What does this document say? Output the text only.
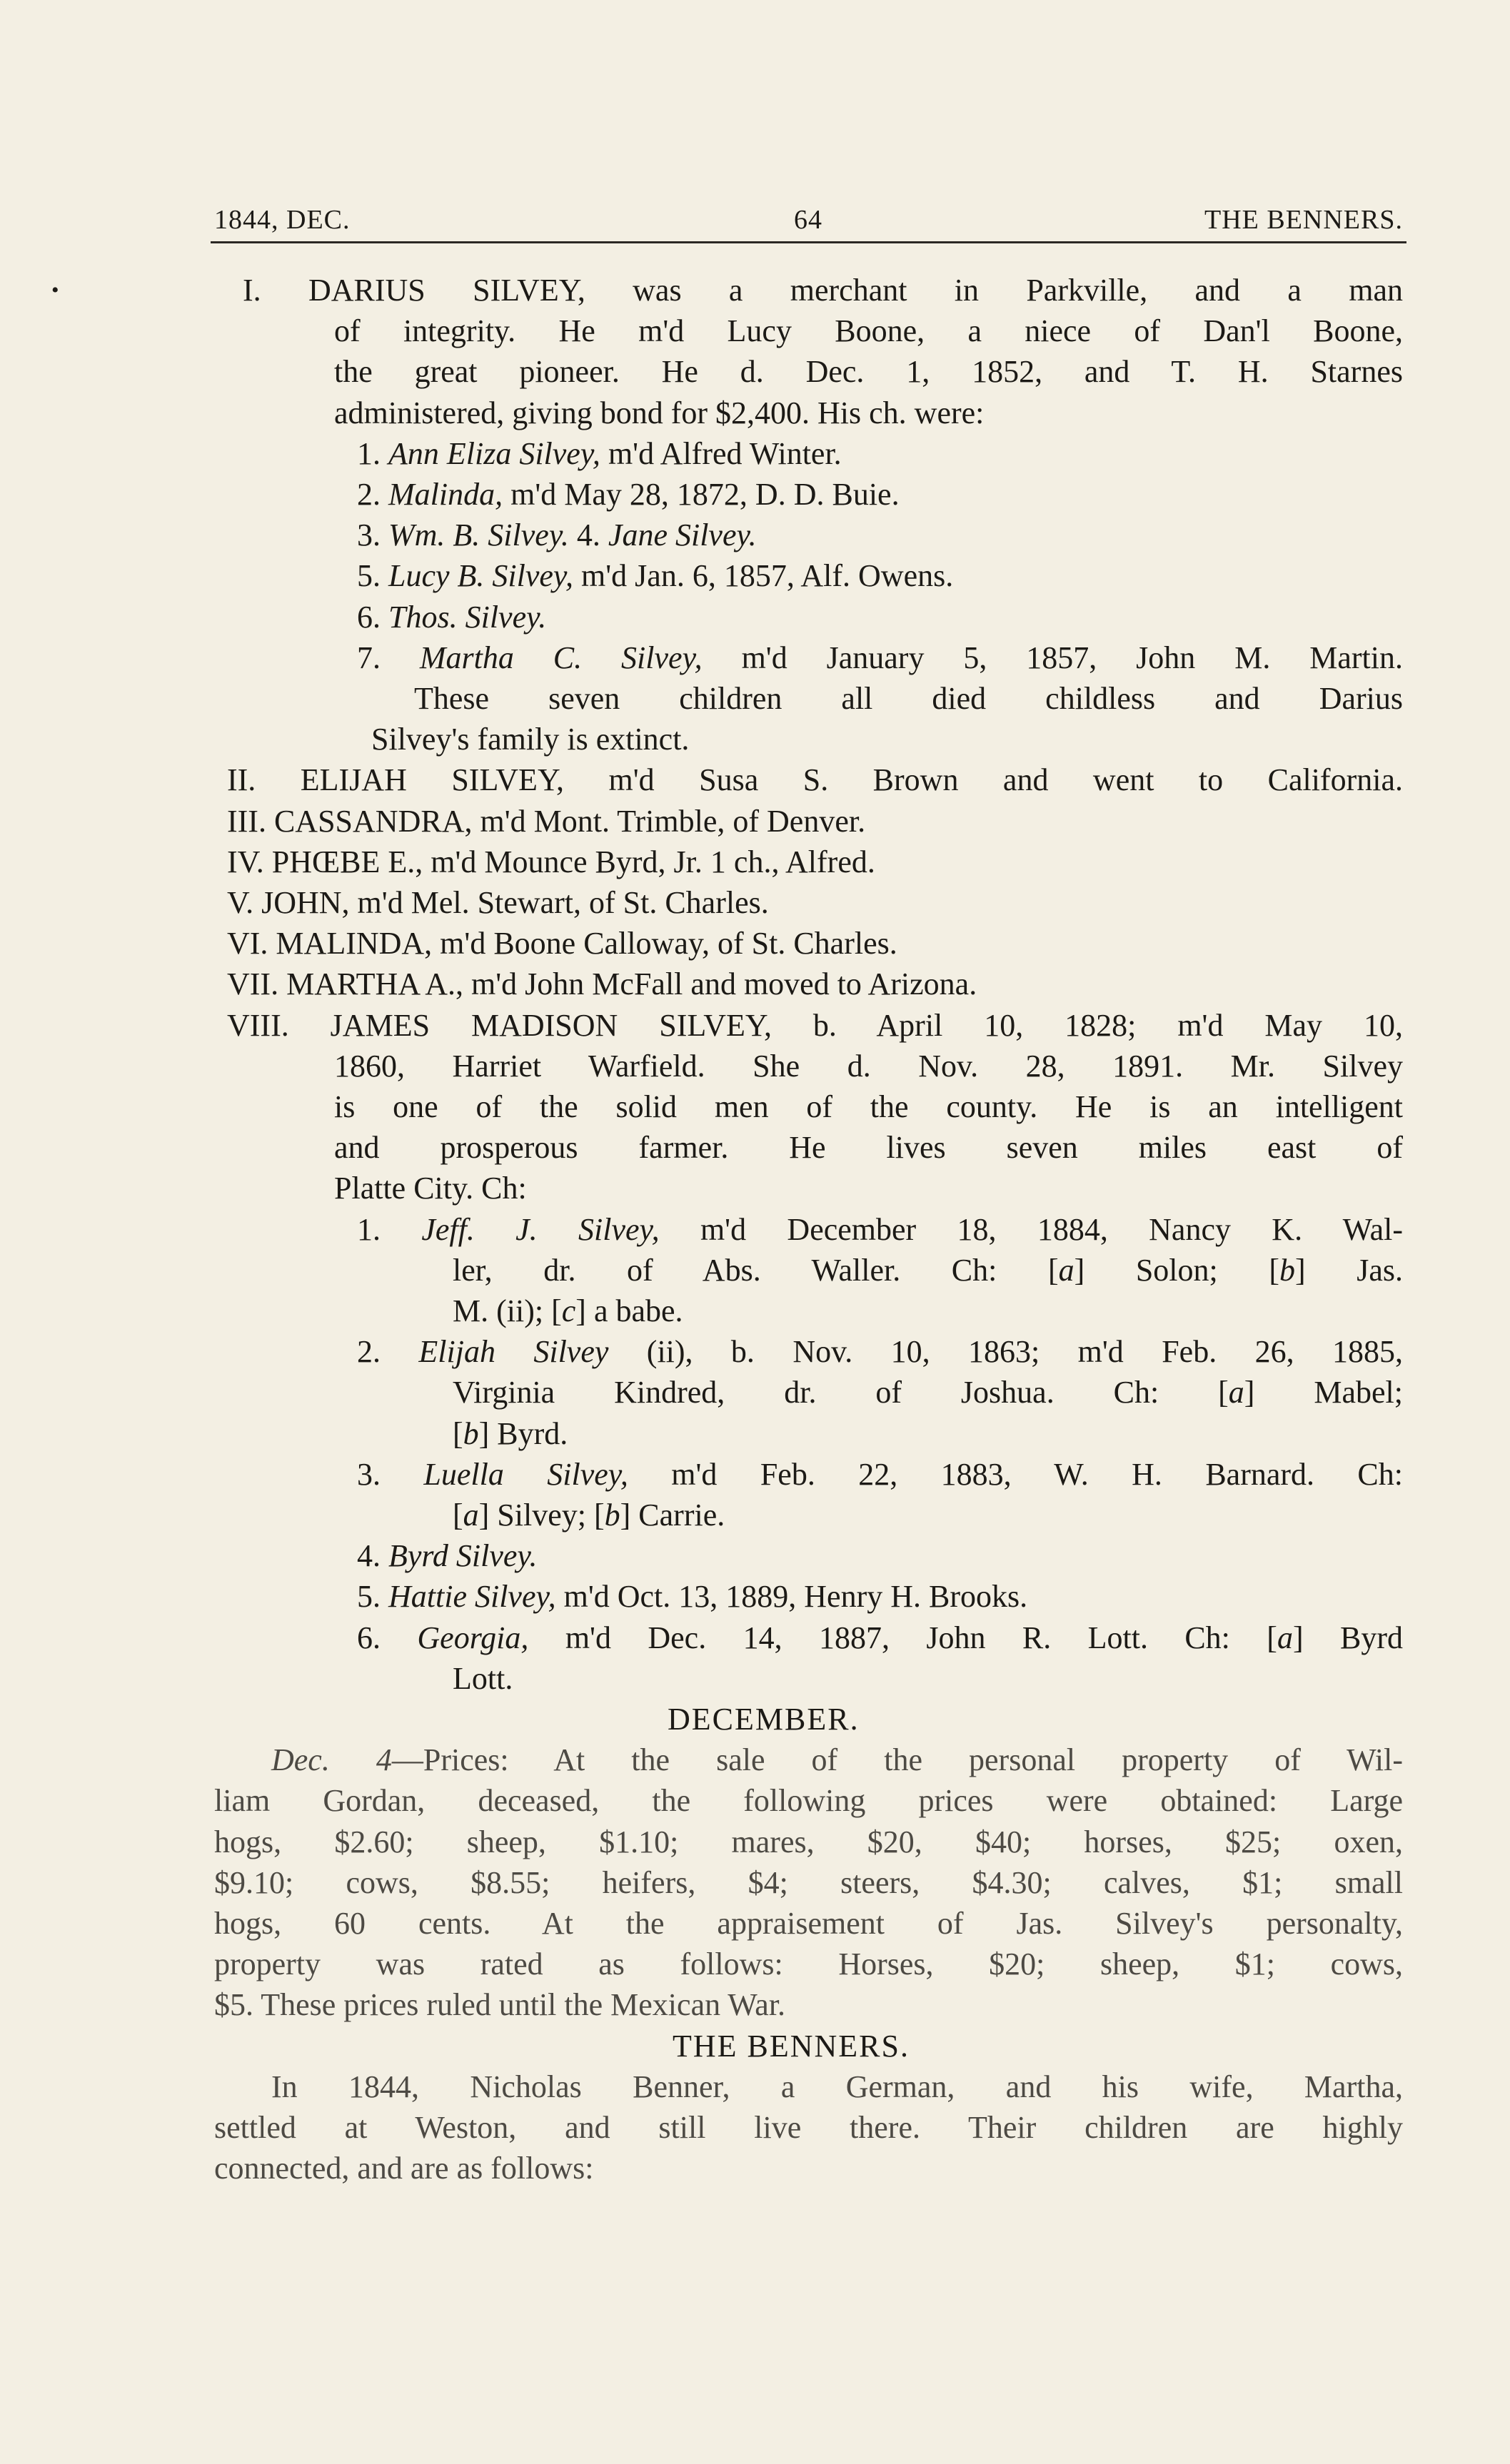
1844, DEC.	64	THE BENNERS.
•	I. DARIUS SILVEY, was a merchant in Parkville, and a man
of integrity. He m'd Lucy Boone, a niece of Dan'l Boone,
the great pioneer. He d. Dec. 1, 1852, and T. H. Starnes
administered, giving bond for $2,400. His ch. were:
1. Ann Eliza Silvey, m'd Alfred Winter.
2. Malinda, m'd May 28, 1872, D. D. Buie.
3. Wm. B. Silvey. 4. Jane Silvey.
5. Lucy B. Silvey, m'd Jan. 6, 1857, Alf. Owens.
6. Thos. Silvey.
7. Martha C. Silvey, m'd January 5, 1857, John M. Martin.
These seven children all died childless and Darius
Silvey's family is extinct.
II. ELIJAH SILVEY, m'd Susa S. Brown and went to California.
III. CASSANDRA, m'd Mont. Trimble, of Denver.
IV. PHŒBE E., m'd Mounce Byrd, Jr. 1 ch., Alfred.
V. JOHN, m'd Mel. Stewart, of St. Charles.
VI. MALINDA, m'd Boone Calloway, of St. Charles.
VII. MARTHA A., m'd John McFall and moved to Arizona.
VIII. JAMES MADISON SILVEY, b. April 10, 1828; m'd May 10,
1860, Harriet Warfield. She d. Nov. 28, 1891. Mr. Silvey
is one of the solid men of the county. He is an intelligent
and prosperous farmer. He lives seven miles east of
Platte City. Ch:
1. Jeff. J. Silvey, m'd December 18, 1884, Nancy K. Wal-
ler, dr. of Abs. Waller. Ch: [a] Solon; [b] Jas.
M. (ii); [c] a babe.
2. Elijah Silvey (ii), b. Nov. 10, 1863; m'd Feb. 26, 1885,
Virginia Kindred, dr. of Joshua. Ch: [a] Mabel;
[b] Byrd.
3. Luella Silvey, m'd Feb. 22, 1883, W. H. Barnard. Ch:
[a] Silvey; [b] Carrie.
4. Byrd Silvey.
5. Hattie Silvey, m'd Oct. 13, 1889, Henry H. Brooks.
6. Georgia, m'd Dec. 14, 1887, John R. Lott. Ch: [a] Byrd
Lott.
DECEMBER.
Dec. 4—Prices: At the sale of the personal property of Wil-
liam Gordan, deceased, the following prices were obtained: Large
hogs, $2.60; sheep, $1.10; mares, $20, $40; horses, $25; oxen,
$9.10; cows, $8.55; heifers, $4; steers, $4.30; calves, $1; small
hogs, 60 cents. At the appraisement of Jas. Silvey's personalty,
property was rated as follows: Horses, $20; sheep, $1; cows,
$5. These prices ruled until the Mexican War.
THE BENNERS.
In 1844, Nicholas Benner, a German, and his wife, Martha,
settled at Weston, and still live there. Their children are highly
connected, and are as follows:
